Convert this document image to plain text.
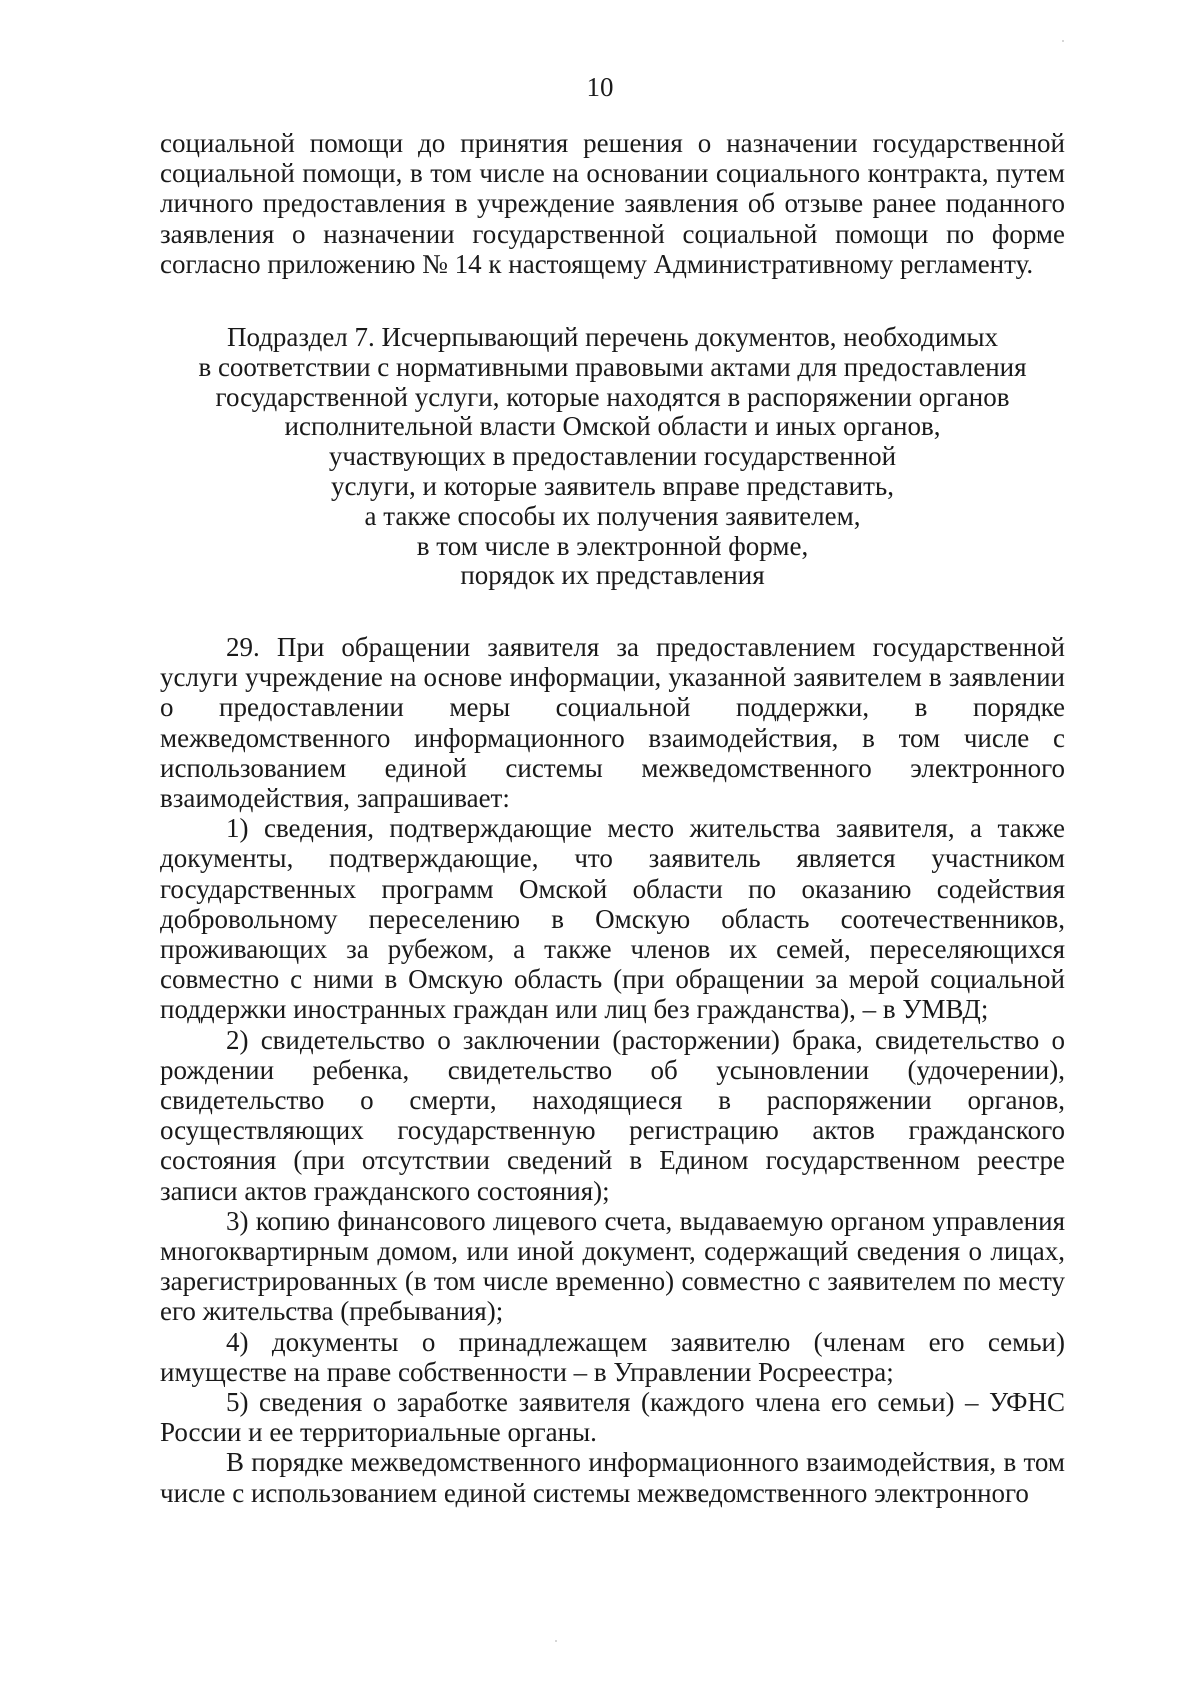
10

социальной помощи до принятия решения о назначении государственной социальной помощи, в том числе на основании социального контракта, путем личного предоставления в учреждение заявления об отзыве ранее поданного заявления о назначении государственной социальной помощи по форме согласно приложению № 14 к настоящему Административному регламенту.

Подраздел 7. Исчерпывающий перечень документов, необходимых
в соответствии с нормативными правовыми актами для предоставления
государственной услуги, которые находятся в распоряжении органов
исполнительной власти Омской области и иных органов,
участвующих в предоставлении государственной
услуги, и которые заявитель вправе представить,
а также способы их получения заявителем,
в том числе в электронной форме,
порядок их представления

29. При обращении заявителя за предоставлением государственной услуги учреждение на основе информации, указанной заявителем в заявлении о предоставлении меры социальной поддержки, в порядке межведомственного информационного взаимодействия, в том числе с использованием единой системы межведомственного электронного взаимодействия, запрашивает:

1) сведения, подтверждающие место жительства заявителя, а также документы, подтверждающие, что заявитель является участником государственных программ Омской области по оказанию содействия добровольному переселению в Омскую область соотечественников, проживающих за рубежом, а также членов их семей, переселяющихся совместно с ними в Омскую область (при обращении за мерой социальной поддержки иностранных граждан или лиц без гражданства), – в УМВД;

2) свидетельство о заключении (расторжении) брака, свидетельство о рождении ребенка, свидетельство об усыновлении (удочерении), свидетельство о смерти, находящиеся в распоряжении органов, осуществляющих государственную регистрацию актов гражданского состояния (при отсутствии сведений в Едином государственном реестре записи актов гражданского состояния);

3) копию финансового лицевого счета, выдаваемую органом управления многоквартирным домом, или иной документ, содержащий сведения о лицах, зарегистрированных (в том числе временно) совместно с заявителем по месту его жительства (пребывания);

4) документы о принадлежащем заявителю (членам его семьи) имуществе на праве собственности – в Управлении Росреестра;

5) сведения о заработке заявителя (каждого члена его семьи) – УФНС России и ее территориальные органы.

В порядке межведомственного информационного взаимодействия, в том числе с использованием единой системы межведомственного электронного
